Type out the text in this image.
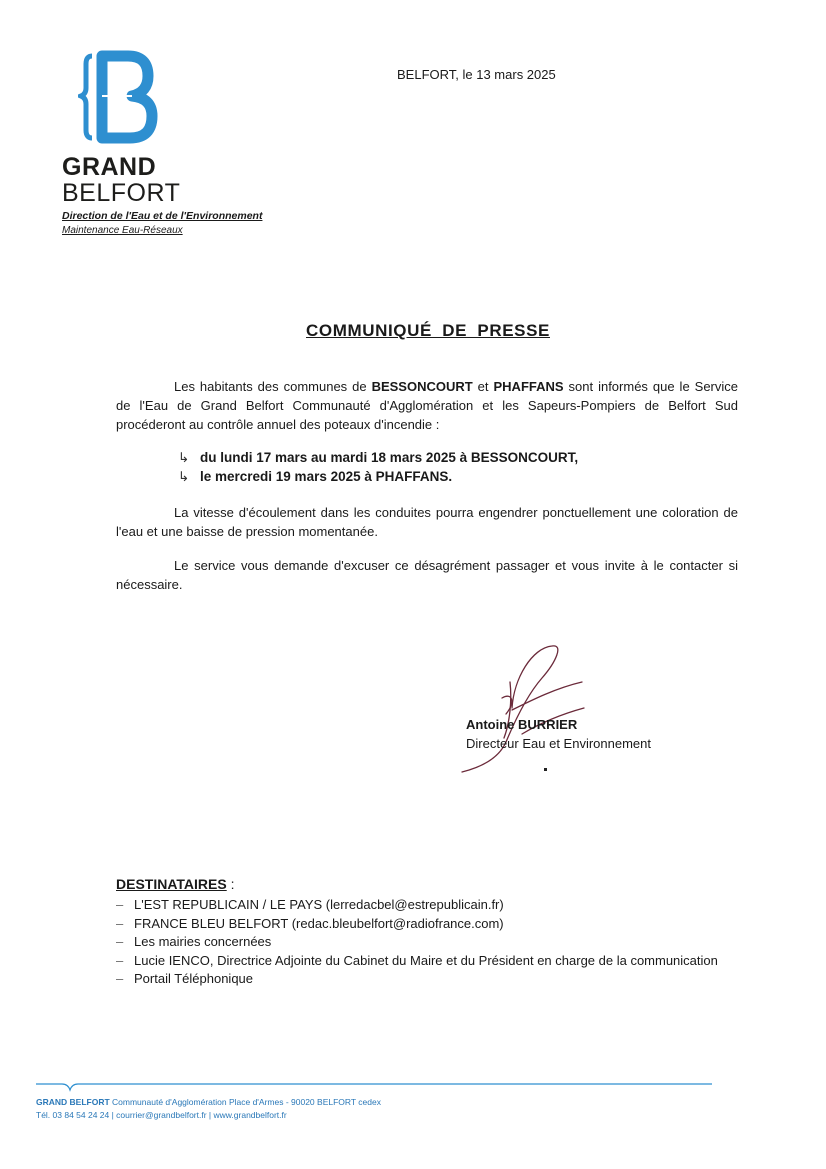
GRAND
BELFORT
Direction de l'Eau et de l'Environnement
Maintenance Eau-Réseaux
BELFORT, le 13 mars 2025
COMMUNIQUÉ DE PRESSE
Les habitants des communes de BESSONCOURT et PHAFFANS sont informés que le Service de l'Eau de Grand Belfort Communauté d'Agglomération et les Sapeurs-Pompiers de Belfort Sud procéderont au contrôle annuel des poteaux d'incendie :
↳ du lundi 17 mars au mardi 18 mars 2025 à BESSONCOURT,
↳ le mercredi 19 mars 2025 à PHAFFANS.
La vitesse d'écoulement dans les conduites pourra engendrer ponctuellement une coloration de l'eau et une baisse de pression momentanée.
Le service vous demande d'excuser ce désagrément passager et vous invite à le contacter si nécessaire.
Antoine BURRIER
Directeur Eau et Environnement
DESTINATAIRES :
– L'EST REPUBLICAIN / LE PAYS (lerredacbel@estrepublicain.fr)
– FRANCE BLEU BELFORT (redac.bleubelfort@radiofrance.com)
– Les mairies concernées
– Lucie IENCO, Directrice Adjointe du Cabinet du Maire et du Président en charge de la communication
– Portail Téléphonique
GRAND BELFORT Communauté d'Agglomération Place d'Armes - 90020 BELFORT cedex
Tél. 03 84 54 24 24 | courrier@grandbelfort.fr | www.grandbelfort.fr
